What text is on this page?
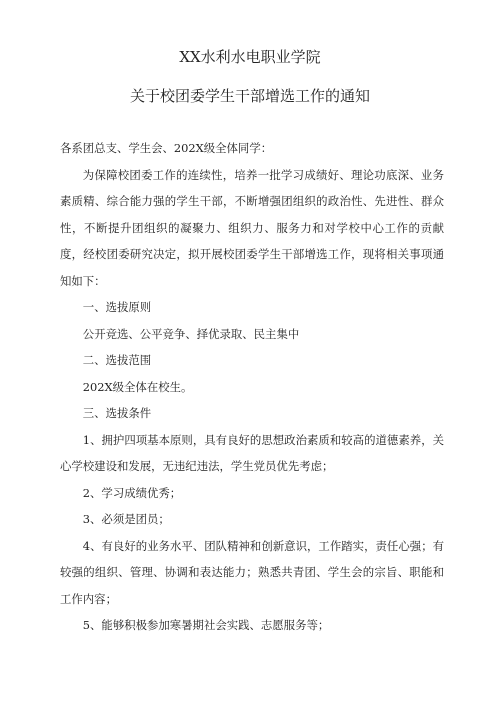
XX水利水电职业学院
关于校团委学生干部增选工作的通知

各系团总支、学生会、202X级全体同学：

为保障校团委工作的连续性，培养一批学习成绩好、理论功底深、业务素质精、综合能力强的学生干部，不断增强团组织的政治性、先进性、群众性，不断提升团组织的凝聚力、组织力、服务力和对学校中心工作的贡献度，经校团委研究决定，拟开展校团委学生干部增选工作，现将相关事项通知如下：

一、选拔原则

公开竞选、公平竞争、择优录取、民主集中

二、选拔范围

202X级全体在校生。

三、选拔条件

1、拥护四项基本原则，具有良好的思想政治素质和较高的道德素养，关心学校建设和发展，无违纪违法，学生党员优先考虑；

2、学习成绩优秀；

3、必须是团员；

4、有良好的业务水平、团队精神和创新意识，工作踏实，责任心强；有较强的组织、管理、协调和表达能力；熟悉共青团、学生会的宗旨、职能和工作内容；

5、能够积极参加寒暑期社会实践、志愿服务等；
